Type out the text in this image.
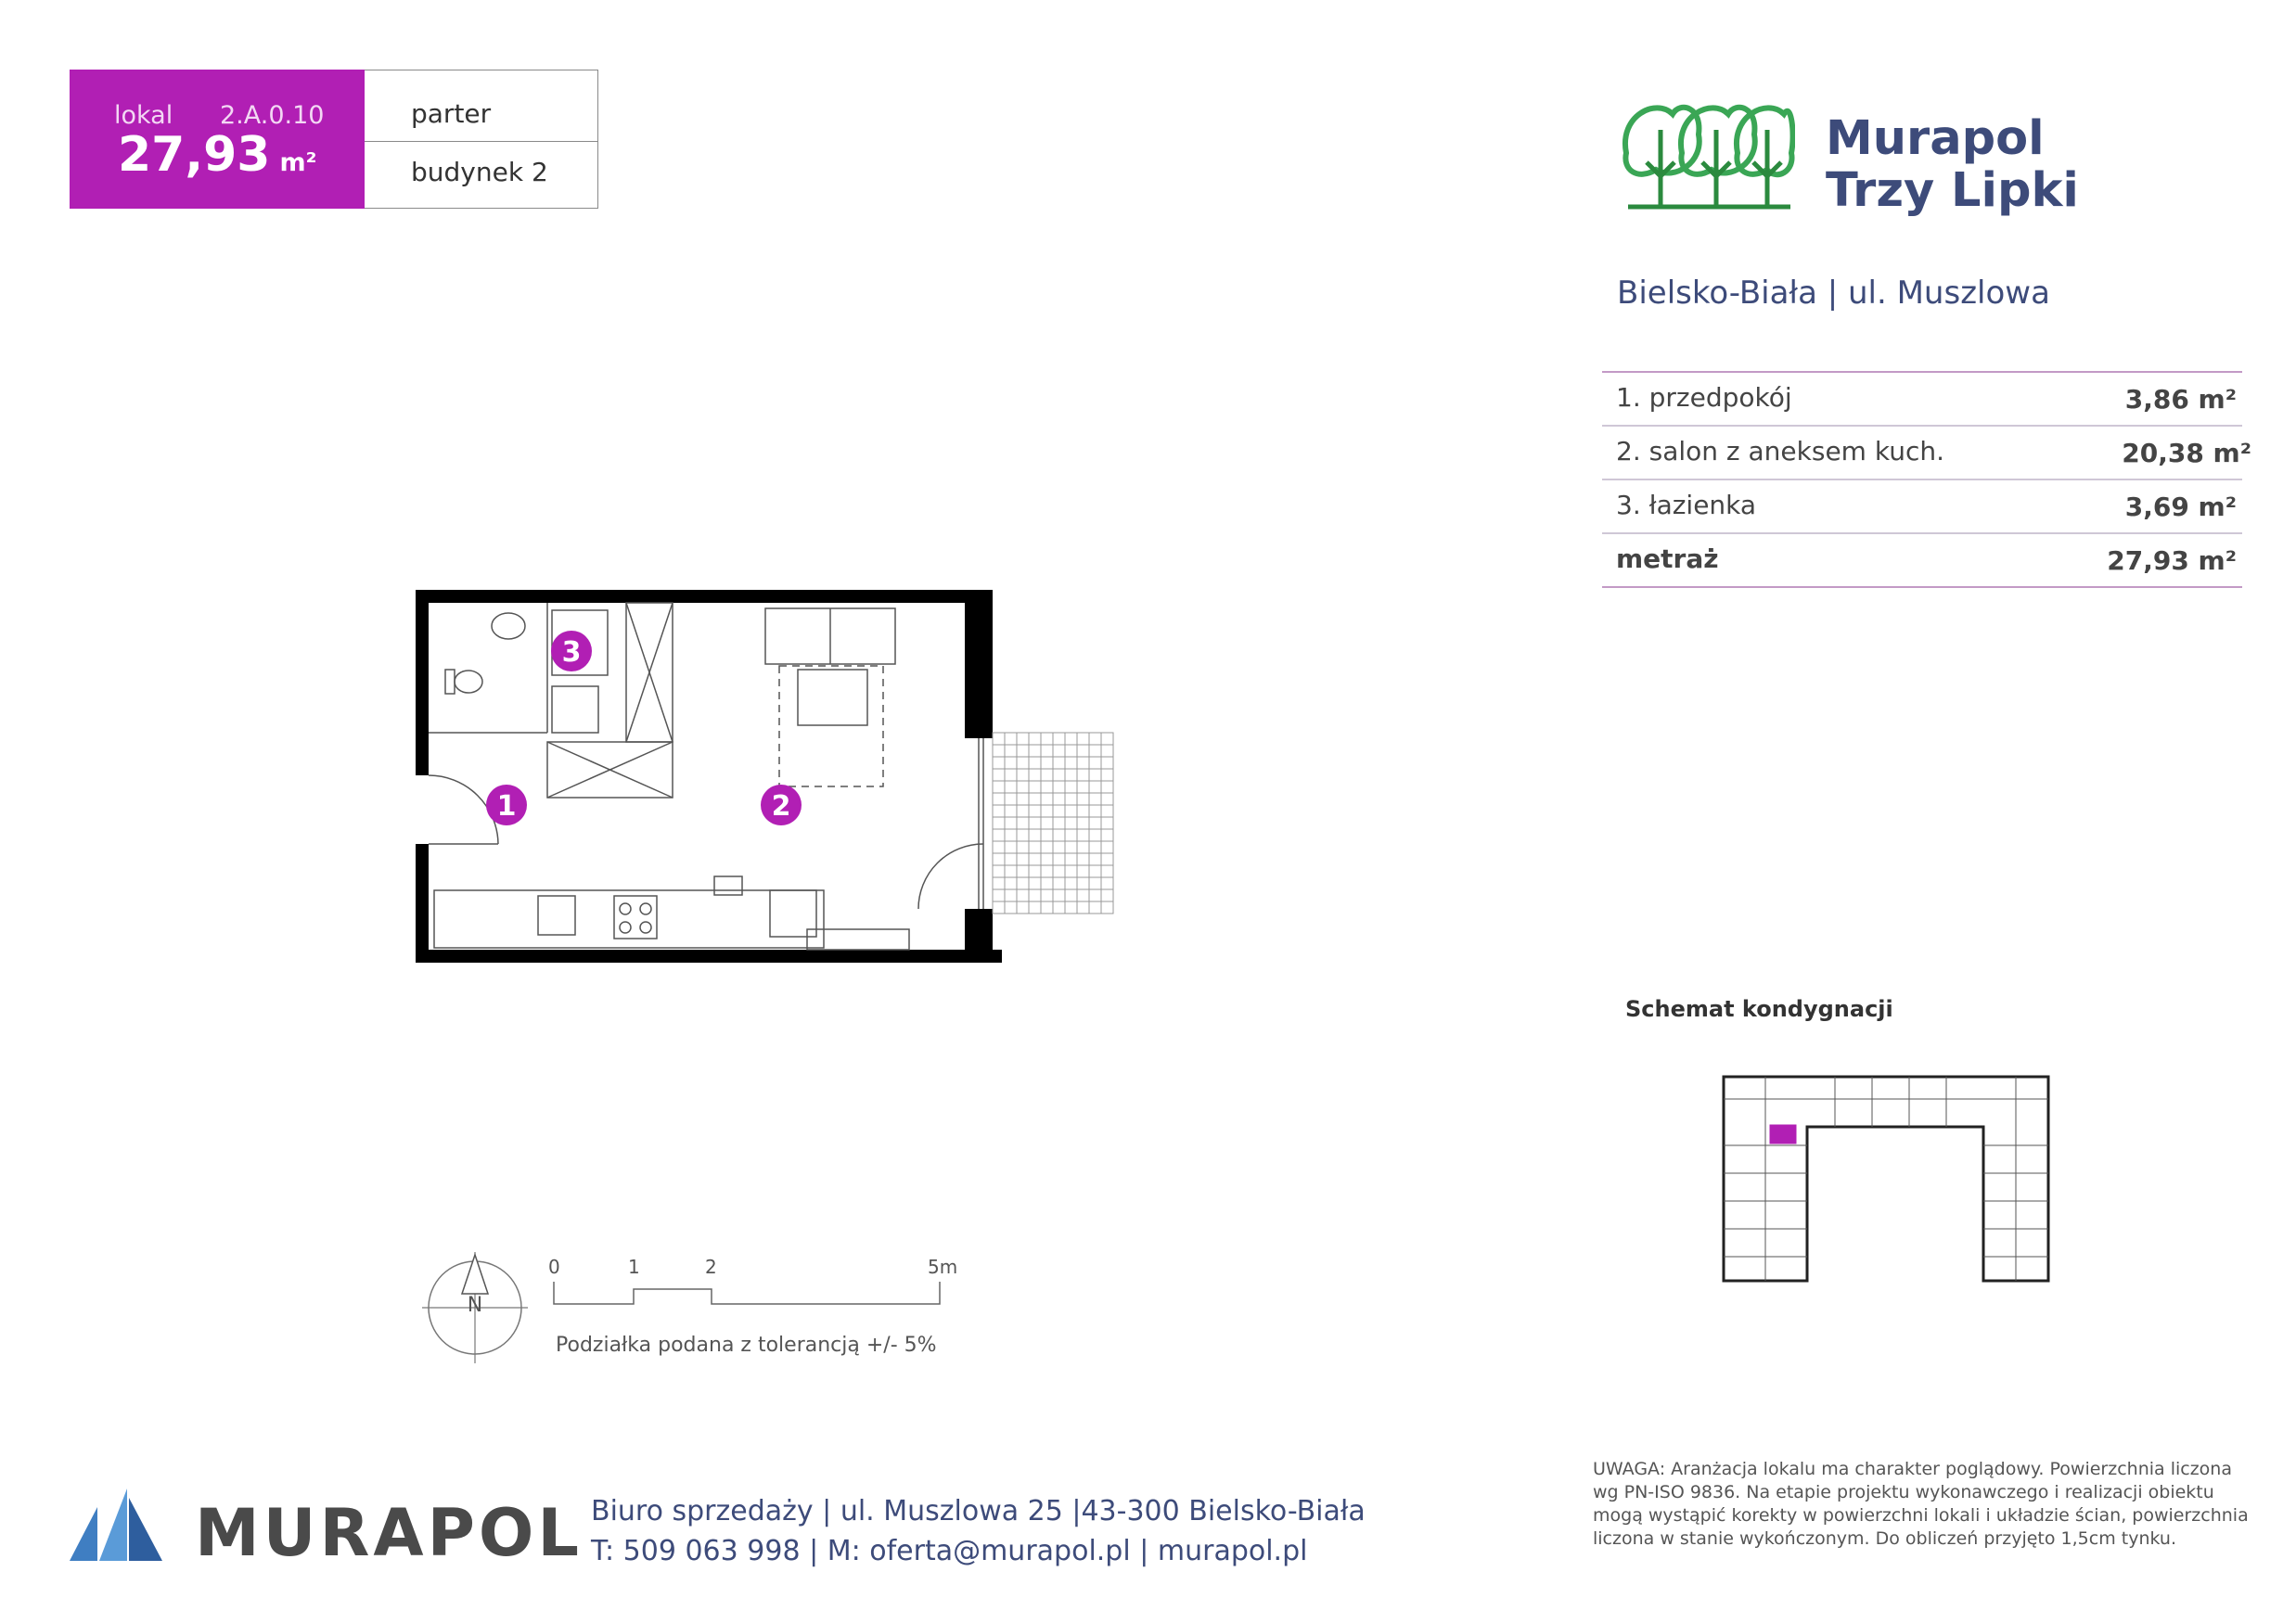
lokal 2.A.0.10
27,93 m²
parter
budynek 2
Murapol
Trzy Lipki
Bielsko-Biała | ul. Muszlowa
1. przedpokój	3,86 m²
2. salon z aneksem kuch.	20,38 m²
3. łazienka	3,69 m²
metraż	27,93 m²
1	2
3
N
0	1	2	5m
Podziałka podana z tolerancją +/- 5%
Schemat kondygnacji
MURAPOL Biuro sprzedaży | ul. Muszlowa 25 |43-300 Bielsko-Biała
T: 509 063 998 | M: oferta@murapol.pl | murapol.pl
UWAGA: Aranżacja lokalu ma charakter poglądowy. Powierzchnia liczona wg PN-ISO 9836. Na etapie projektu wykonawczego i realizacji obiektu mogą wystąpić korekty w powierzchni lokali i układzie ścian, powierzchnia liczona w stanie wykończonym. Do obliczeń przyjęto 1,5cm tynku.
